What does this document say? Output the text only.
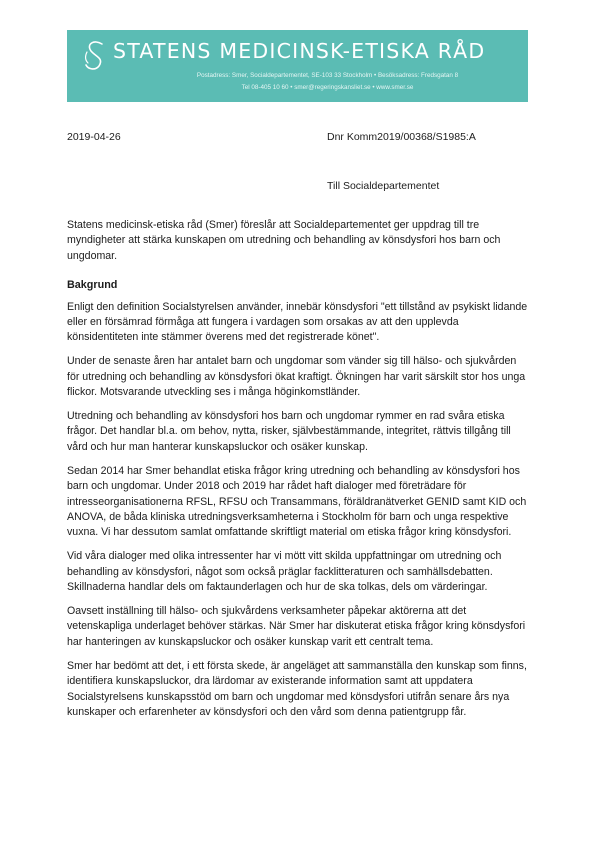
STATENS MEDICINSK-ETISKA RÅD
Postadress: Smer, Socialdepartementet, SE-103 33 Stockholm • Besöksadress: Fredsgatan 8
Tel 08-405 10 60 • smer@regeringskansliet.se • www.smer.se
2019-04-26	Dnr Komm2019/00368/S1985:A
Till Socialdepartementet

Statens medicinsk-etiska råd (Smer) föreslår att Socialdepartementet ger uppdrag till tre myndigheter att stärka kunskapen om utredning och behandling av könsdysfori hos barn och ungdomar.

Bakgrund

Enligt den definition Socialstyrelsen använder, innebär könsdysfori "ett tillstånd av psykiskt lidande eller en försämrad förmåga att fungera i vardagen som orsakas av att den upplevda könsidentiteten inte stämmer överens med det registrerade könet".

Under de senaste åren har antalet barn och ungdomar som vänder sig till hälso- och sjukvården för utredning och behandling av könsdysfori ökat kraftigt. Ökningen har varit särskilt stor hos unga flickor. Motsvarande utveckling ses i många höginkomstländer.

Utredning och behandling av könsdysfori hos barn och ungdomar rymmer en rad svåra etiska frågor. Det handlar bl.a. om behov, nytta, risker, självbestämmande, integritet, rättvis tillgång till vård och hur man hanterar kunskapsluckor och osäker kunskap.

Sedan 2014 har Smer behandlat etiska frågor kring utredning och behandling av könsdysfori hos barn och ungdomar. Under 2018 och 2019 har rådet haft dialoger med företrädare för intresseorganisationerna RFSL, RFSU och Transammans, föräldranätverket GENID samt KID och ANOVA, de båda kliniska utredningsverksamheterna i Stockholm för barn och unga respektive vuxna. Vi har dessutom samlat omfattande skriftligt material om etiska frågor kring könsdysfori.

Vid våra dialoger med olika intressenter har vi mött vitt skilda uppfattningar om utredning och behandling av könsdysfori, något som också präglar facklitteraturen och samhällsdebatten. Skillnaderna handlar dels om faktaunderlagen och hur de ska tolkas, dels om värderingar.

Oavsett inställning till hälso- och sjukvårdens verksamheter påpekar aktörerna att det vetenskapliga underlaget behöver stärkas. När Smer har diskuterat etiska frågor kring könsdysfori har hanteringen av kunskapsluckor och osäker kunskap varit ett centralt tema.

Smer har bedömt att det, i ett första skede, är angeläget att sammanställa den kunskap som finns, identifiera kunskapsluckor, dra lärdomar av existerande information samt att uppdatera Socialstyrelsens kunskapsstöd om barn och ungdomar med könsdysfori utifrån senare års nya kunskaper och erfarenheter av könsdysfori och den vård som denna patientgrupp får.
